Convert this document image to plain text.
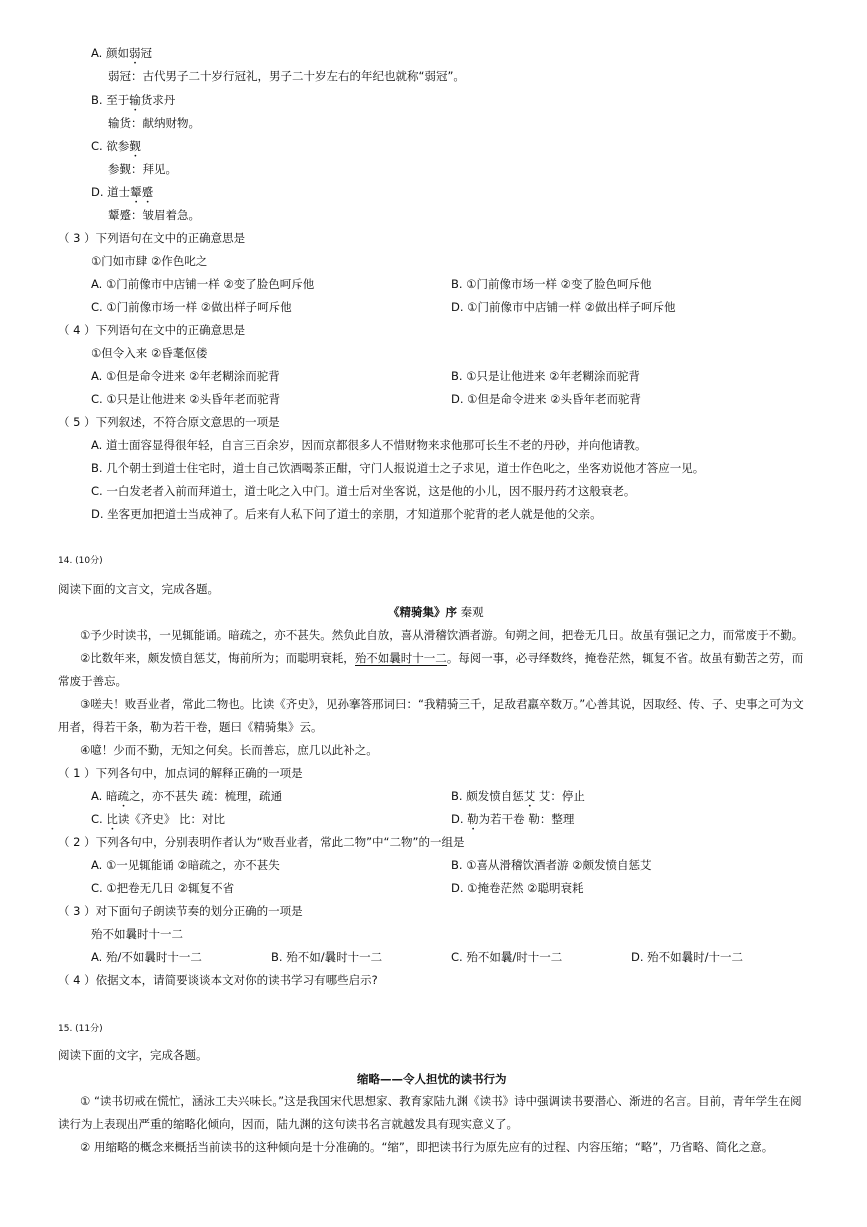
A. 颜如弱冠
弱冠：古代男子二十岁行冠礼，男子二十岁左右的年纪也就称“弱冠”。
B. 至于输货求丹
输货：献纳财物。
C. 欲参觐
参觐：拜见。
D. 道士颦蹙
颦蹙：皱眉着急。
（ 3 ）下列语句在文中的正确意思是
①门如市肆 ②作色叱之
A. ①门前像市中店铺一样 ②变了脸色呵斥他	B. ①门前像市场一样 ②变了脸色呵斥他
C. ①门前像市场一样 ②做出样子呵斥他	D. ①门前像市中店铺一样 ②做出样子呵斥他
（ 4 ）下列语句在文中的正确意思是
①但令入来 ②昏耄伛偻
A. ①但是命令进来 ②年老糊涂而驼背	B. ①只是让他进来 ②年老糊涂而驼背
C. ①只是让他进来 ②头昏年老而驼背	D. ①但是命令进来 ②头昏年老而驼背
（ 5 ）下列叙述，不符合原文意思的一项是
A. 道士面容显得很年轻，自言三百余岁，因而京都很多人不惜财物来求他那可长生不老的丹砂，并向他请教。
B. 几个朝士到道士住宅时，道士自己饮酒喝茶正酣，守门人报说道士之子求见，道士作色叱之，坐客劝说他才答应一见。
C. 一白发老者入前而拜道士，道士叱之入中门。道士后对坐客说，这是他的小儿，因不服丹药才这般衰老。
D. 坐客更加把道士当成神了。后来有人私下问了道士的亲朋，才知道那个驼背的老人就是他的父亲。
14. (10分)
阅读下面的文言文，完成各题。
《精骑集》序 秦观
①予少时读书，一见辄能诵。暗疏之，亦不甚失。然负此自放，喜从滑稽饮酒者游。旬朔之间，把卷无几日。故虽有强记之力，而常废于不勤。
②比数年来，颇发愤自惩艾，悔前所为；而聪明衰耗，殆不如曩时十一二。每阅一事，必寻绎数终，掩卷茫然，辄复不省。故虽有勤苦之劳，而常废于善忘。
③嗟夫！败吾业者，常此二物也。比读《齐史》，见孙搴答邢词曰：“我精骑三千，足敌君羸卒数万。”心善其说，因取经、传、子、史事之可为文用者，得若干条，勒为若干卷，题曰《精骑集》云。
④噫！少而不勤，无知之何矣。长而善忘，庶几以此补之。
（ 1 ）下列各句中，加点词的解释正确的一项是
A. 暗疏之，亦不甚失 疏：梳理，疏通	B. 颇发愤自惩艾 艾：停止
C. 比读《齐史》 比：对比	D. 勒为若干卷 勒：整理
（ 2 ）下列各句中，分别表明作者认为“败吾业者，常此二物”中“二物”的一组是
A. ①一见辄能诵 ②暗疏之，亦不甚失	B. ①喜从滑稽饮酒者游 ②颇发愤自惩艾
C. ①把卷无几日 ②辄复不省	D. ①掩卷茫然 ②聪明衰耗
（ 3 ）对下面句子朗读节奏的划分正确的一项是
殆不如曩时十一二
A. 殆/不如曩时十一二	B. 殆不如/曩时十一二	C. 殆不如曩/时十一二	D. 殆不如曩时/十一二
（ 4 ）依据文本，请简要谈谈本文对你的读书学习有哪些启示?
15. (11分)
阅读下面的文字，完成各题。
缩略——令人担忧的读书行为
① “读书切戒在慌忙，涵泳工夫兴味长。”这是我国宋代思想家、教育家陆九渊《读书》诗中强调读书要潜心、渐进的名言。目前，青年学生在阅读行为上表现出严重的缩略化倾向，因而，陆九渊的这句读书名言就越发具有现实意义了。
② 用缩略的概念来概括当前读书的这种倾向是十分准确的。“缩”，即把读书行为原先应有的过程、内容压缩；“略”，乃省略、简化之意。
